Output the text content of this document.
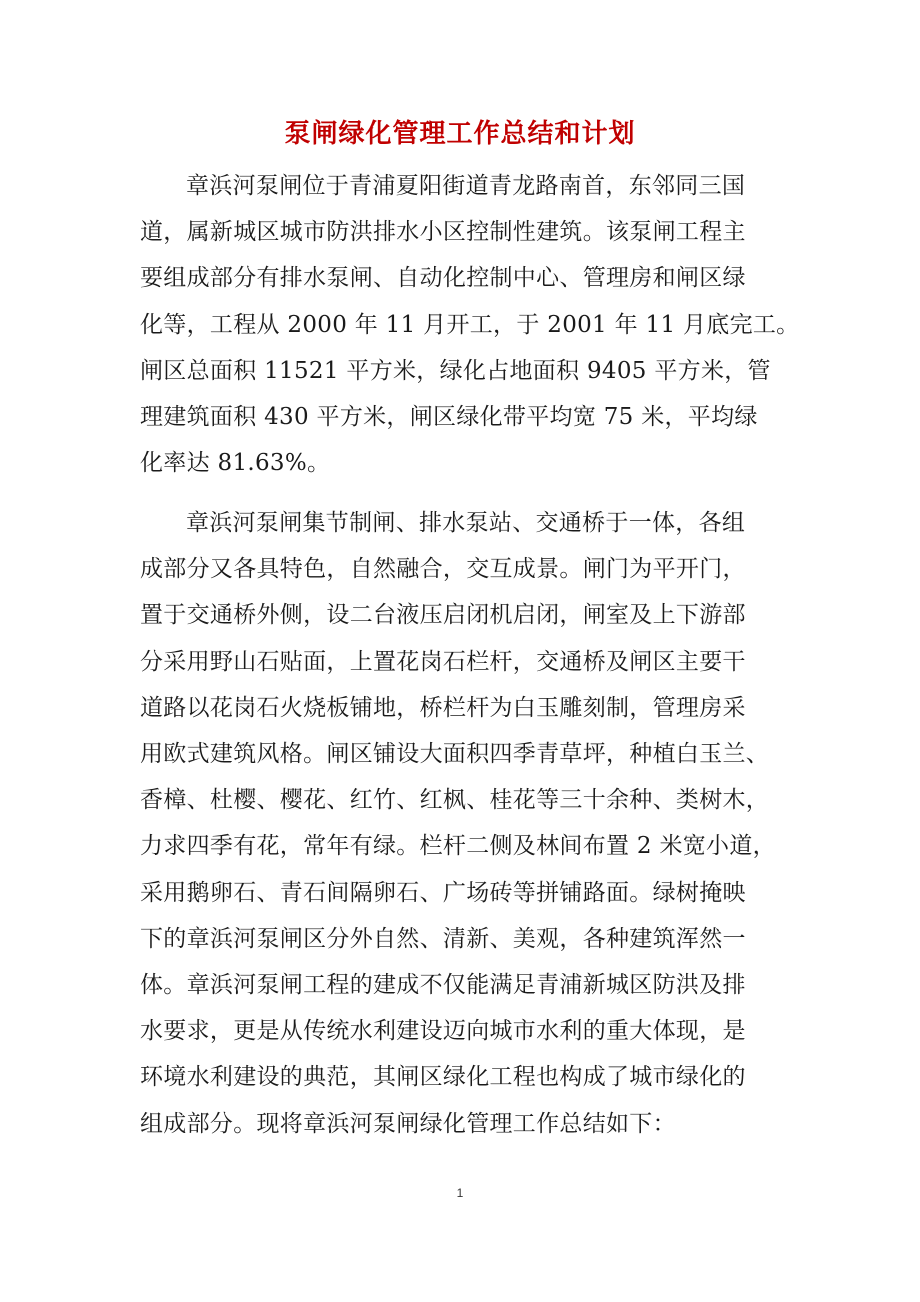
泵闸绿化管理工作总结和计划
章浜河泵闸位于青浦夏阳街道青龙路南首，东邻同三国
道，属新城区城市防洪排水小区控制性建筑。该泵闸工程主
要组成部分有排水泵闸、自动化控制中心、管理房和闸区绿
化等，工程从 2000 年 11 月开工，于 2001 年 11 月底完工。
闸区总面积 11521 平方米，绿化占地面积 9405 平方米，管
理建筑面积 430 平方米，闸区绿化带平均宽 75 米，平均绿
化率达 81.63%。
章浜河泵闸集节制闸、排水泵站、交通桥于一体，各组
成部分又各具特色，自然融合，交互成景。闸门为平开门，
置于交通桥外侧，设二台液压启闭机启闭，闸室及上下游部
分采用野山石贴面，上置花岗石栏杆，交通桥及闸区主要干
道路以花岗石火烧板铺地，桥栏杆为白玉雕刻制，管理房采
用欧式建筑风格。闸区铺设大面积四季青草坪，种植白玉兰、
香樟、杜樱、樱花、红竹、红枫、桂花等三十余种、类树木，
力求四季有花，常年有绿。栏杆二侧及林间布置 2 米宽小道，
采用鹅卵石、青石间隔卵石、广场砖等拼铺路面。绿树掩映
下的章浜河泵闸区分外自然、清新、美观，各种建筑浑然一
体。章浜河泵闸工程的建成不仅能满足青浦新城区防洪及排
水要求，更是从传统水利建设迈向城市水利的重大体现，是
环境水利建设的典范，其闸区绿化工程也构成了城市绿化的
组成部分。现将章浜河泵闸绿化管理工作总结如下：
1
